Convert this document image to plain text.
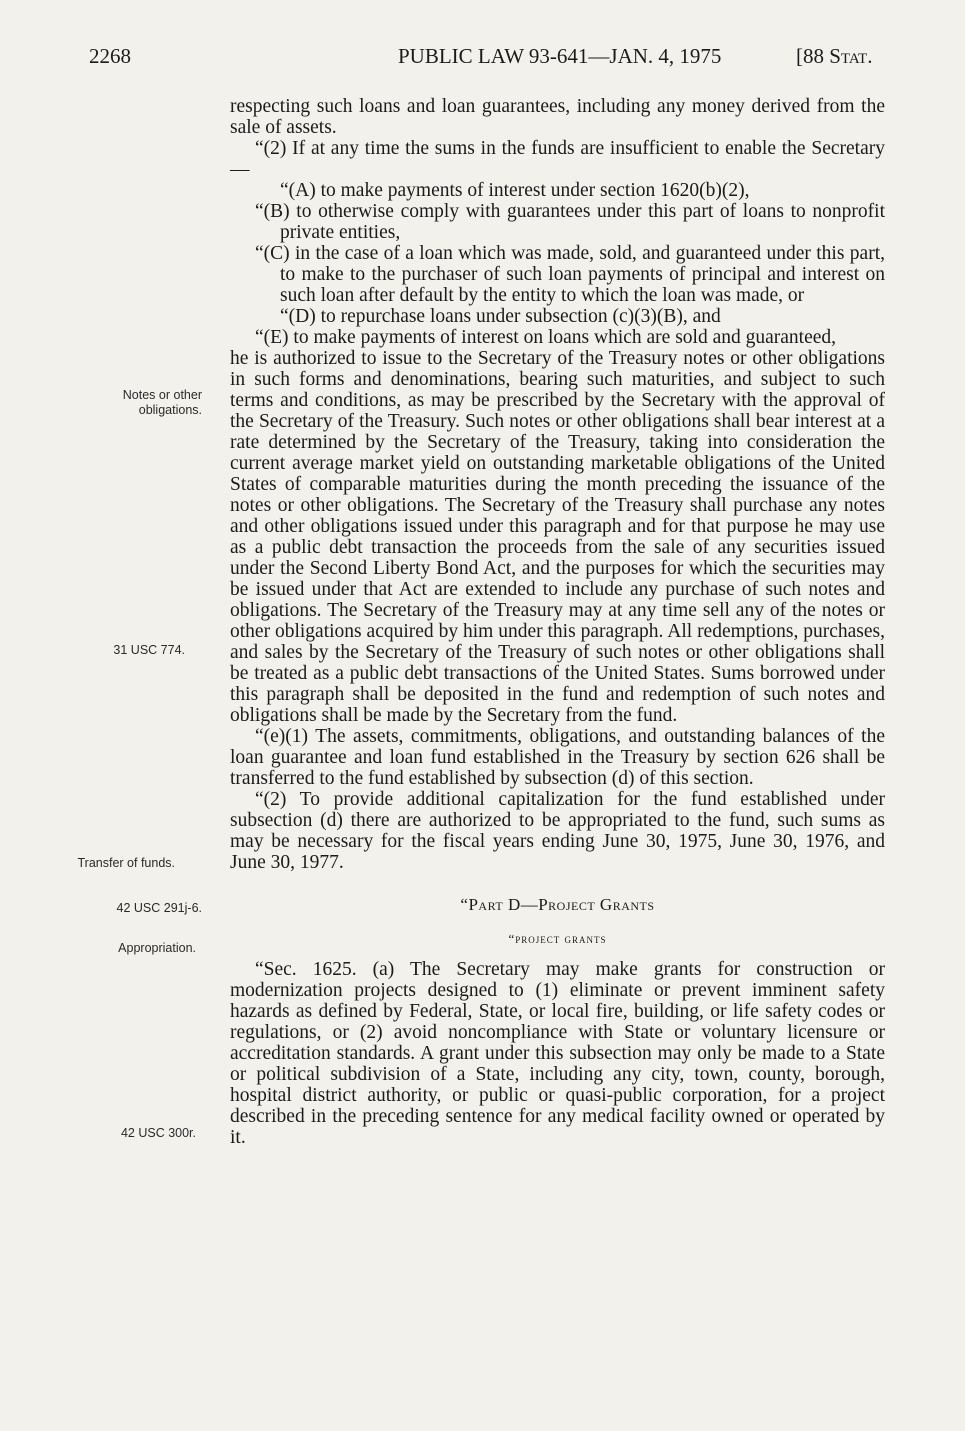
2268	PUBLIC LAW 93-641—JAN. 4, 1975	[88 Stat.
Notes or other obligations.
31 USC 774.
Transfer of funds.
42 USC 291j-6.
Appropriation.
42 USC 300r.

respecting such loans and loan guarantees, including any money derived from the sale of assets.

“(2) If at any time the sums in the funds are insufficient to enable the Secretary—

“(A) to make payments of interest under section 1620(b)(2),

“(B) to otherwise comply with guarantees under this part of loans to nonprofit private entities,

“(C) in the case of a loan which was made, sold, and guaranteed under this part, to make to the purchaser of such loan payments of principal and interest on such loan after default by the entity to which the loan was made, or

“(D) to repurchase loans under subsection (c)(3)(B), and

“(E) to make payments of interest on loans which are sold and guaranteed,

he is authorized to issue to the Secretary of the Treasury notes or other obligations in such forms and denominations, bearing such maturities, and subject to such terms and conditions, as may be prescribed by the Secretary with the approval of the Secretary of the Treasury. Such notes or other obligations shall bear interest at a rate determined by the Secretary of the Treasury, taking into consideration the current average market yield on outstanding marketable obligations of the United States of comparable maturities during the month preceding the issuance of the notes or other obligations. The Secretary of the Treasury shall purchase any notes and other obligations issued under this paragraph and for that purpose he may use as a public debt transaction the proceeds from the sale of any securities issued under the Second Liberty Bond Act, and the purposes for which the securities may be issued under that Act are extended to include any purchase of such notes and obligations. The Secretary of the Treasury may at any time sell any of the notes or other obligations acquired by him under this paragraph. All redemptions, purchases, and sales by the Secretary of the Treasury of such notes or other obligations shall be treated as a public debt transactions of the United States. Sums borrowed under this paragraph shall be deposited in the fund and redemption of such notes and obligations shall be made by the Secretary from the fund.

“(e)(1) The assets, commitments, obligations, and outstanding balances of the loan guarantee and loan fund established in the Treasury by section 626 shall be transferred to the fund established by subsection (d) of this section.

“(2) To provide additional capitalization for the fund established under subsection (d) there are authorized to be appropriated to the fund, such sums as may be necessary for the fiscal years ending June 30, 1975, June 30, 1976, and June 30, 1977.

“Part D—Project Grants
“project grants

“Sec. 1625. (a) The Secretary may make grants for construction or modernization projects designed to (1) eliminate or prevent imminent safety hazards as defined by Federal, State, or local fire, building, or life safety codes or regulations, or (2) avoid noncompliance with State or voluntary licensure or accreditation standards. A grant under this subsection may only be made to a State or political subdivision of a State, including any city, town, county, borough, hospital district authority, or public or quasi-public corporation, for a project described in the preceding sentence for any medical facility owned or operated by it.
